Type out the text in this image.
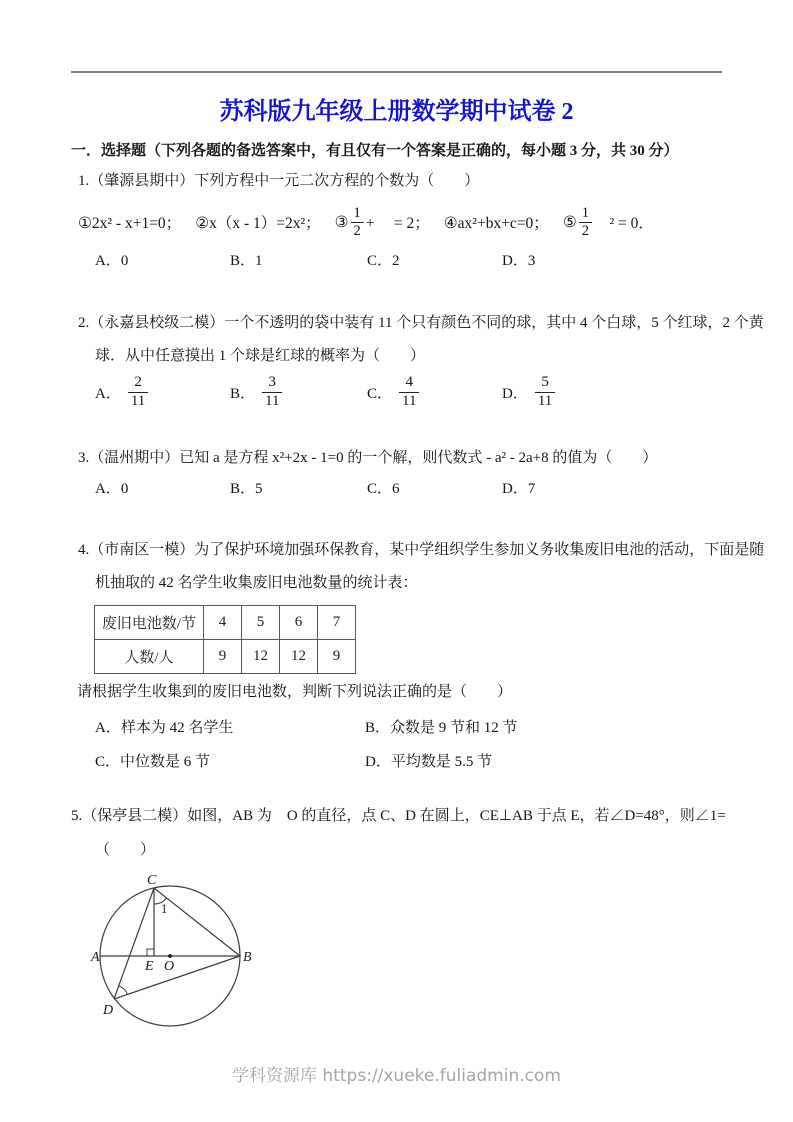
苏科版九年级上册数学期中试卷 2
一．选择题（下列各题的备选答案中，有且仅有一个答案是正确的，每小题 3 分，共 30 分）
1.（肇源县期中）下列方程中一元二次方程的个数为（　　）
①2x² - x+1=0； ②x（x - 1）=2x²； ③ $\frac{1}{2}$ +　 = 2； ④ax²+bx+c=0； ⑤ $\frac{1}{2}$ 　² = 0．
A．0	B．1	C．2	D．3
2.（永嘉县校级二模）一个不透明的袋中装有 11 个只有颜色不同的球，其中 4 个白球，5 个红球，2 个黄
球．从中任意摸出 1 个球是红球的概率为（　　）
A． $\frac{2}{11}$	B． $\frac{3}{11}$	C． $\frac{4}{11}$	D． $\frac{5}{11}$
3.（温州期中）已知 a 是方程 x²+2x - 1=0 的一个解，则代数式 - a² - 2a+8 的值为（　　）
A．0	B．5	C．6	D．7
4.（市南区一模）为了保护环境加强环保教育，某中学组织学生参加义务收集废旧电池的活动，下面是随
机抽取的 42 名学生收集废旧电池数量的统计表：
废旧电池数/节	4	5	6	7
人数/人	9	12	12	9
请根据学生收集到的废旧电池数，判断下列说法正确的是（　　）
A．样本为 42 名学生	B．众数是 9 节和 12 节
C．中位数是 6 节	D．平均数是 5.5 节
5.（保亭县二模）如图，AB 为　O 的直径，点 C、D 在圆上，CE⊥AB 于点 E，若∠D=48°，则∠1=
（　　）
A	B
C
D
E O
1
学科资源库 https://xueke.fuliadmin.com
